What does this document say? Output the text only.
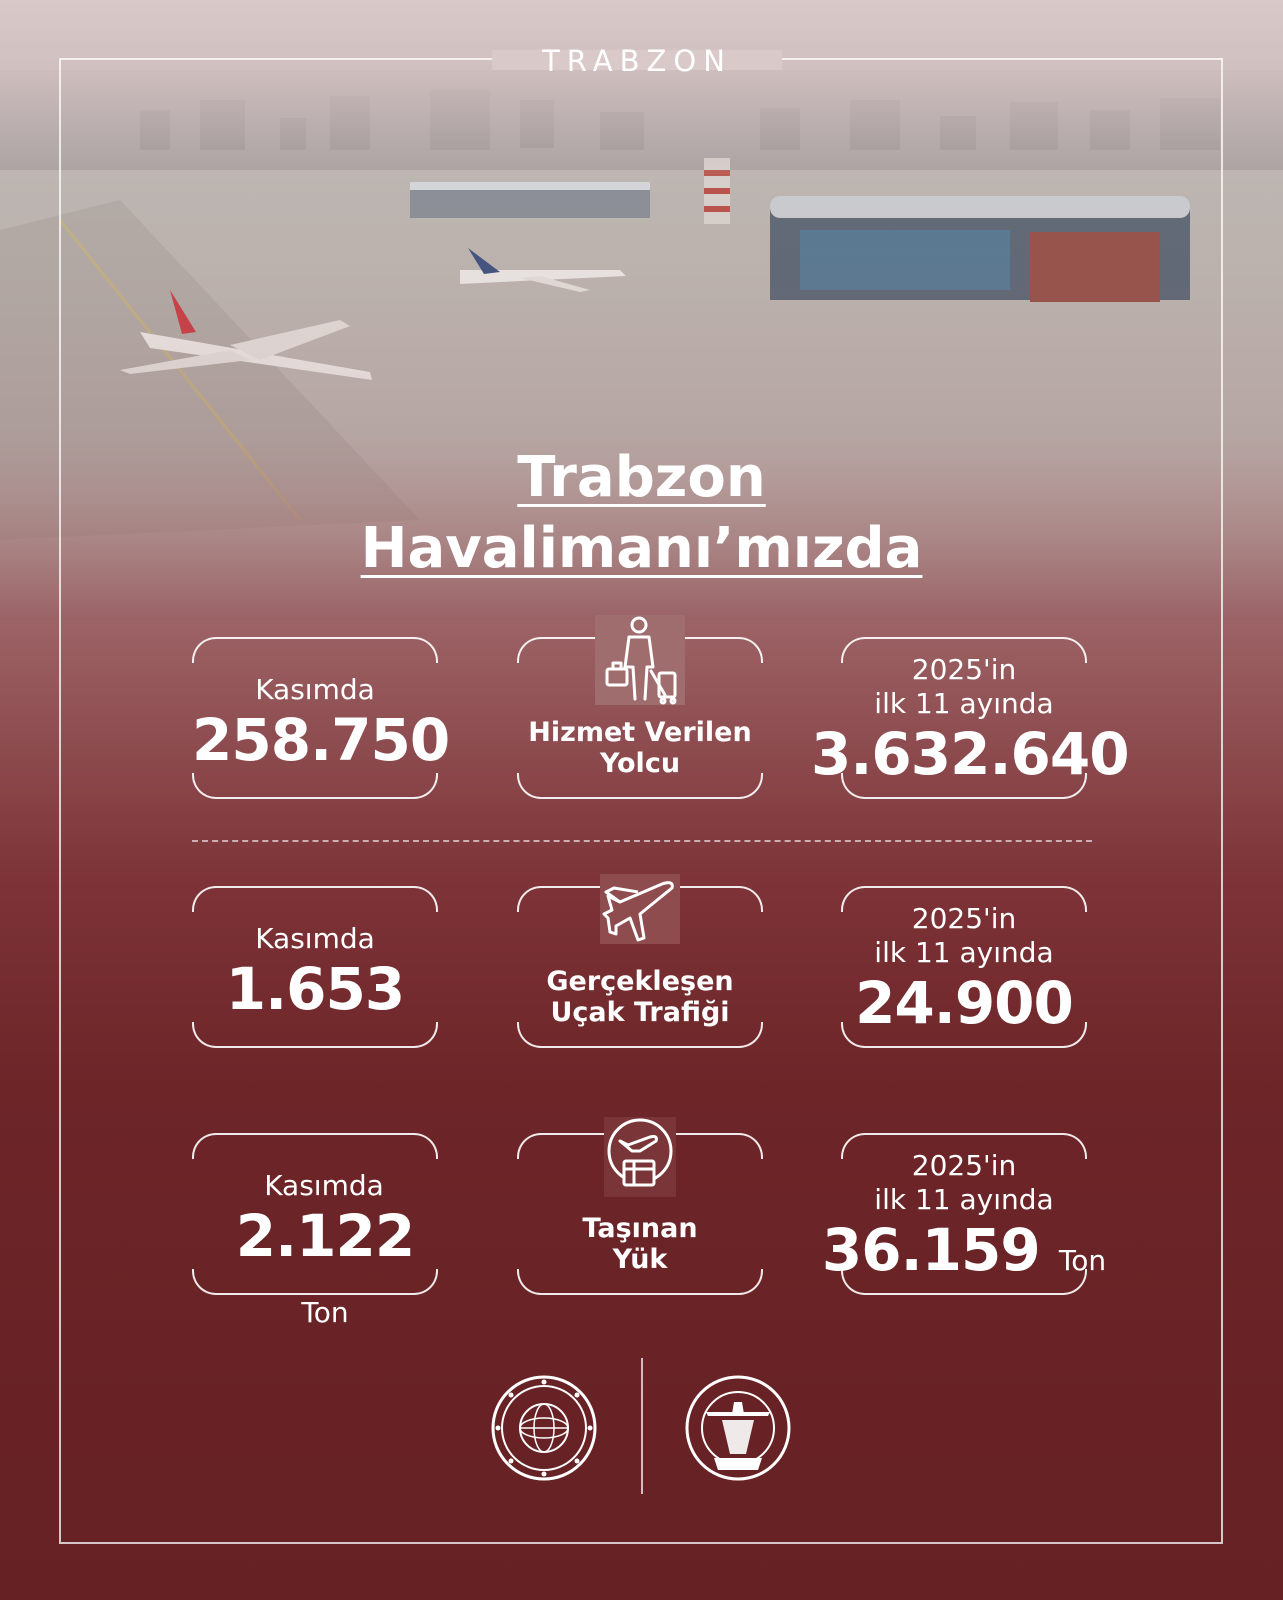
TRABZON
Trabzon
Havalimanı’mızda
Kasımda
258.750	Hizmet Verilen
Yolcu
2025'in
ilk 11 ayında
3.632.640
Kasımda
1.653	Gerçekleşen
Uçak Trafiği
2025'in
ilk 11 ayında
24.900
Kasımda
2.122 Ton
Taşınan
Yük
2025'in
ilk 11 ayında
36.159 Ton
